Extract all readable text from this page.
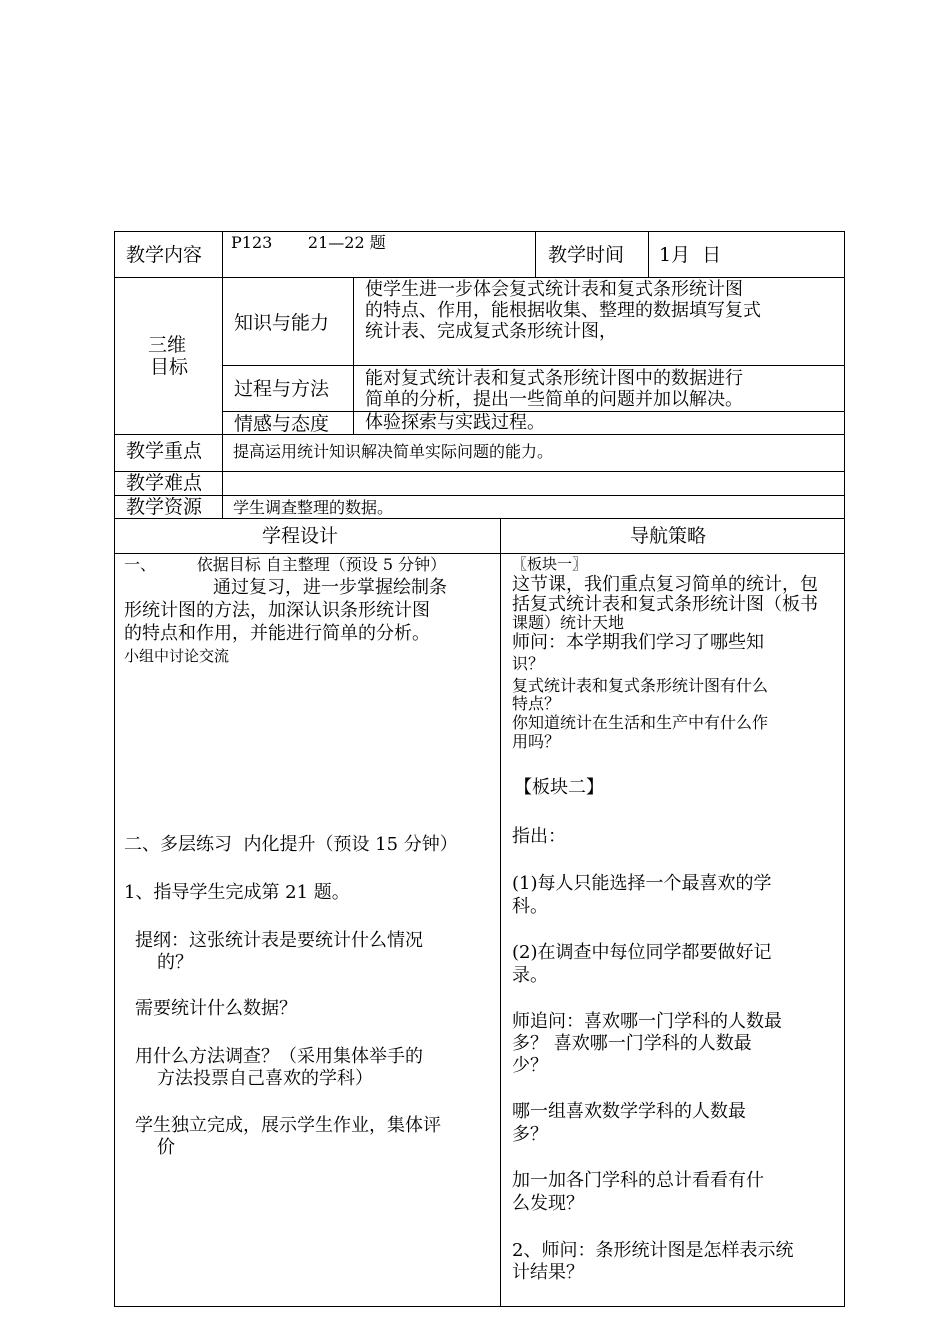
教学内容
P123       21—22 题
教学时间 1月  日
三维
目标
知识与能力
使学生进一步体会复式统计表和复式条形统计图
的特点、作用，能根据收集、整理的数据填写复式
统计表、完成复式条形统计图，
过程与方法 能对复式统计表和复式条形统计图中的数据进行
简单的分析，提出一些简单的问题并加以解决。
情感与态度 体验探索与实践过程。
教学重点 提高运用统计知识解决简单实际问题的能力。
教学难点
教学资源 学生调查整理的数据。
学程设计	导航策略
一、        依据目标 自主整理（预设 5 分钟）
通过复习，进一步掌握绘制条
形统计图的方法，加深认识条形统计图
的特点和作用，并能进行简单的分析。
小组中讨论交流
二、多层练习  内化提升（预设 15 分钟）
1、指导学生完成第 21 题。
提纲：这张统计表是要统计什么情况
的？
需要统计什么数据？
用什么方法调查？（采用集体举手的
方法投票自己喜欢的学科）
学生独立完成，展示学生作业，集体评
价
〖板块一〗
这节课，我们重点复习简单的统计，包
括复式统计表和复式条形统计图（板书
课题）统计天地
师问：本学期我们学习了哪些知
识？
复式统计表和复式条形统计图有什么
特点？
你知道统计在生活和生产中有什么作
用吗？
【板块二】
指出：
(1)每人只能选择一个最喜欢的学
科。
(2)在调查中每位同学都要做好记
录。
师追问：喜欢哪一门学科的人数最
多？ 喜欢哪一门学科的人数最
少？
哪一组喜欢数学学科的人数最
多？
加一加各门学科的总计看看有什
么发现？
2、师问：条形统计图是怎样表示统
计结果？
